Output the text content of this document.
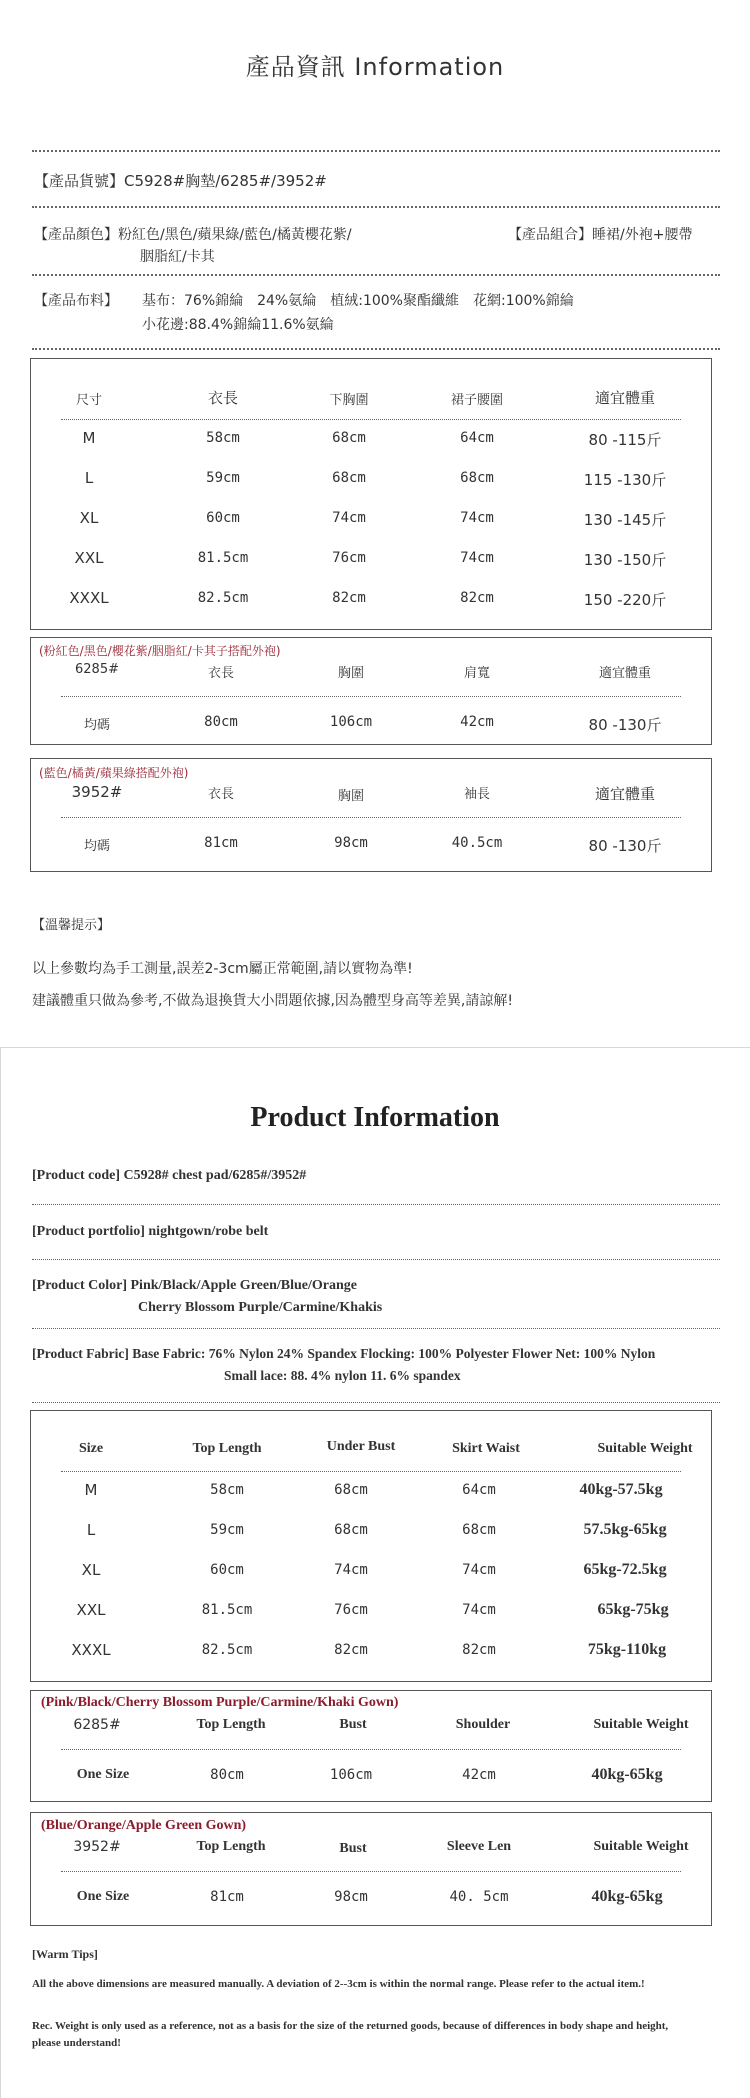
產品資訊 Information
【產品貨號】C5928#胸墊/6285#/3952#
【產品顏色】粉紅色/黑色/蘋果綠/藍色/橘黃櫻花紫/
胭脂紅/卡其
【產品組合】睡裙/外袍+腰帶
【產品布料】 基布：76%錦綸　24%氨綸　植絨:100%聚酯纖維　花網:100%錦綸
小花邊:88.4%錦綸11.6%氨綸
尺寸	衣長	下胸圍	裙子腰圍	適宜體重
M	58cm	68cm	64cm	80 -115斤
L	59cm	68cm	68cm	115 -130斤
XL	60cm	74cm	74cm	130 -145斤
XXL	81.5cm	76cm	74cm	130 -150斤
XXXL	82.5cm	82cm	82cm	150 -220斤
(粉紅色/黑色/櫻花紫/胭脂紅/卡其子搭配外袍)
6285#	衣長	胸圍	肩寬	適宜體重
均碼	80cm	106cm	42cm	80 -130斤
(藍色/橘黃/蘋果綠搭配外袍)
3952#	衣長	胸圍	袖長	適宜體重
均碼	81cm	98cm	40.5cm	80 -130斤
【溫馨提示】
以上參數均為手工測量,誤差2-3cm屬正常範圍,請以實物為準!
建議體重只做為參考,不做為退換貨大小問題依據,因為體型身高等差異,請諒解!
Product Information
[Product code] C5928# chest pad/6285#/3952#
[Product portfolio] nightgown/robe belt
[Product Color] Pink/Black/Apple Green/Blue/Orange
Cherry Blossom Purple/Carmine/Khakis
[Product Fabric] Base Fabric: 76% Nylon 24% Spandex Flocking: 100% Polyester Flower Net: 100% Nylon
Small lace: 88. 4% nylon 11. 6% spandex
Size	Top Length	Under Bust	Skirt Waist	Suitable Weight
M	58cm	68cm	64cm	40kg-57.5kg
L	59cm	68cm	68cm	57.5kg-65kg
XL	60cm	74cm	74cm	65kg-72.5kg
XXL	81.5cm	76cm	74cm	65kg-75kg
XXXL	82.5cm	82cm	82cm	75kg-110kg
(Pink/Black/Cherry Blossom Purple/Carmine/Khaki Gown)
6285#	Top Length	Bust	Shoulder	Suitable Weight
One Size	80cm	106cm	42cm	40kg-65kg
(Blue/Orange/Apple Green Gown)
3952#	Top Length	Bust	Sleeve Len	Suitable Weight
One Size	81cm	98cm	40. 5cm	40kg-65kg
[Warm Tips]
All the above dimensions are measured manually. A deviation of 2--3cm is within the normal range. Please refer to the actual item.!
Rec. Weight is only used as a reference, not as a basis for the size of the returned goods, because of differences in body shape and height, please understand!
